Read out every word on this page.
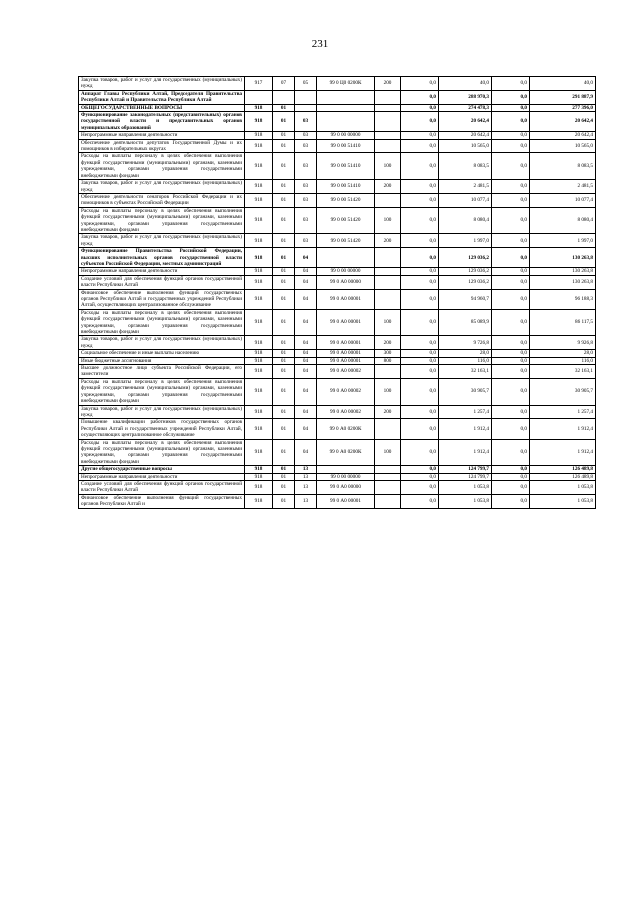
231
Закупка товаров, работ и услуг для государственных (муниципальных) нужд	917	07	05	99 0 Ц0 0200К	200	0,0	40,0	0,0	40,0
Аппарат Главы Республики Алтай, Председателя Правительства Республики Алтай и Правительства Республики Алтай						0,0	288 970,3	0,0	291 887,9
ОБЩЕГОСУДАРСТВЕННЫЕ ВОПРОСЫ	918	01				0,0	274 478,3	0,0	277 396,0
Функционирование законодательных (представительных) органов государственной власти и представительных органов муниципальных образований	918	01	03			0,0	20 642,4	0,0	20 642,4
Непрограммные направления деятельности	918	01	03	99 0 00 00000		0,0	20 642,4	0,0	20 642,4
Обеспечение деятельности депутатов Государственной Думы и их помощников в избирательных округах	918	01	03	99 0 00 51410		0,0	10 565,0	0,0	10 565,0
Расходы на выплаты персоналу в целях обеспечения выполнения функций государственными (муниципальными) органами, казенными учреждениями, органами управления государственными внебюджетными фондами	918	01	03	99 0 00 51410	100	0,0	8 083,5	0,0	8 083,5
Закупка товаров, работ и услуг для государственных (муниципальных) нужд	918	01	03	99 0 00 51410	200	0,0	2 481,5	0,0	2 481,5
Обеспечение деятельности сенаторов Российской Федерации и их помощников в субъектах Российской Федерации	918	01	03	99 0 00 51420		0,0	10 077,4	0,0	10 077,4
Расходы на выплаты персоналу в целях обеспечения выполнения функций государственными (муниципальными) органами, казенными учреждениями, органами управления государственными внебюджетными фондами	918	01	03	99 0 00 51420	100	0,0	8 080,4	0,0	8 080,4
Закупка товаров, работ и услуг для государственных (муниципальных) нужд	918	01	03	99 0 00 51420	200	0,0	1 997,0	0,0	1 997,0
Функционирование Правительства Российской Федерации, высших исполнительных органов государственной власти субъектов Российской Федерации, местных администраций	918	01	04			0,0	129 036,2	0,0	130 263,8
Непрограммные направления деятельности	918	01	04	99 0 00 00000		0,0	129 036,2	0,0	130 263,8
Создание условий для обеспечения функций органов государственной власти Республики Алтай	918	01	04	99 0 А0 00000		0,0	129 036,2	0,0	130 263,8
Финансовое обеспечение выполнения функций государственных органов Республики Алтай и государственных учреждений Республики Алтай, осуществляющих централизованное обслуживание	918	01	04	99 0 А0 00001		0,0	94 960,7	0,0	96 188,3
Расходы на выплаты персоналу в целях обеспечения выполнения функций государственными (муниципальными) органами, казенными учреждениями, органами управления государственными внебюджетными фондами	918	01	04	99 0 А0 00001	100	0,0	85 089,9	0,0	86 117,5
Закупка товаров, работ и услуг для государственных (муниципальных) нужд	918	01	04	99 0 А0 00001	200	0,0	9 726,8	0,0	9 926,8
Социальное обеспечение и иные выплаты населению	918	01	04	99 0 А0 00001	300	0,0	28,0	0,0	28,0
Иные бюджетные ассигнования	918	01	04	99 0 А0 00001	800	0,0	116,0	0,0	116,0
Высшее должностное лицо субъекта Российской Федерации, его заместители	918	01	04	99 0 А0 00002		0,0	32 163,1	0,0	32 163,1
Расходы на выплаты персоналу в целях обеспечения выполнения функций государственными (муниципальными) органами, казенными учреждениями, органами управления государственными внебюджетными фондами	918	01	04	99 0 А0 00002	100	0,0	30 905,7	0,0	30 905,7
Закупка товаров, работ и услуг для государственных (муниципальных) нужд	918	01	04	99 0 А0 00002	200	0,0	1 257,4	0,0	1 257,4
Повышение квалификации работников государственных органов Республики Алтай и государственных учреждений Республики Алтай, осуществляющих централизованное обслуживание	918	01	04	99 0 А0 0200К		0,0	1 912,4	0,0	1 912,4
Расходы на выплаты персоналу в целях обеспечения выполнения функций государственными (муниципальными) органами, казенными учреждениями, органами управления государственными внебюджетными фондами	918	01	04	99 0 А0 0200К	100	0,0	1 912,4	0,0	1 912,4
Другие общегосударственные вопросы	918	01	13			0,0	124 799,7	0,0	126 489,8
Непрограммные направления деятельности	918	01	13	99 0 00 00000		0,0	124 799,7	0,0	126 489,8
Создание условий для обеспечения функций органов государственной власти Республики Алтай	918	01	13	99 0 А0 00000		0,0	1 053,8	0,0	1 053,8
Финансовое обеспечение выполнения функций государственных органов Республики Алтай и	918	01	13	99 0 А0 00001		0,0	1 053,8	0,0	1 053,8
